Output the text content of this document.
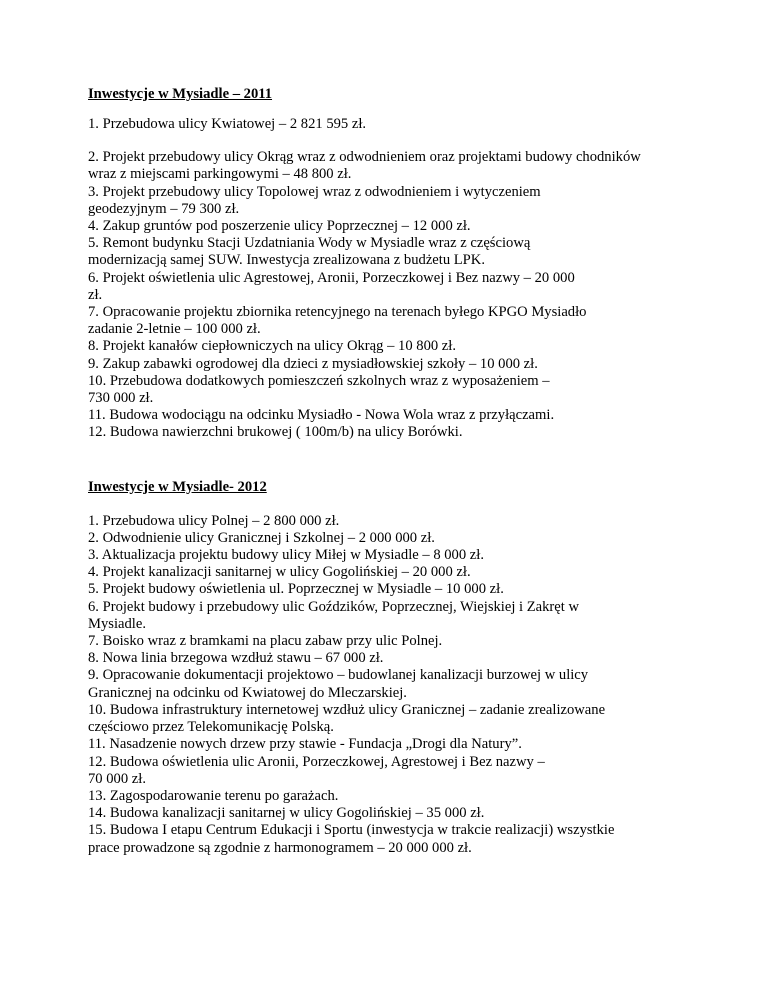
Inwestycje w Mysiadle – 2011

1. Przebudowa ulicy Kwiatowej – 2 821 595 zł.

2. Projekt przebudowy ulicy Okrąg wraz z odwodnieniem oraz projektami budowy chodników
wraz z miejscami parkingowymi – 48 800 zł.

3. Projekt przebudowy ulicy Topolowej wraz z odwodnieniem i wytyczeniem
geodezyjnym – 79 300 zł.

4. Zakup gruntów pod poszerzenie ulicy Poprzecznej – 12 000 zł.

5. Remont budynku Stacji Uzdatniania Wody w Mysiadle wraz z częściową
modernizacją samej SUW. Inwestycja zrealizowana z budżetu LPK.

6. Projekt oświetlenia ulic Agrestowej, Aronii, Porzeczkowej i Bez nazwy – 20 000
zł.

7. Opracowanie projektu zbiornika retencyjnego na terenach byłego KPGO Mysiadło
zadanie 2-letnie – 100 000 zł.

8. Projekt kanałów ciepłowniczych na ulicy Okrąg – 10 800 zł.

9. Zakup zabawki ogrodowej dla dzieci z mysiadłowskiej szkoły – 10 000 zł.

10. Przebudowa dodatkowych pomieszczeń szkolnych wraz z wyposażeniem –
730 000 zł.

11. Budowa wodociągu na odcinku Mysiadło - Nowa Wola wraz z przyłączami.

12. Budowa nawierzchni brukowej ( 100m/b) na ulicy Borówki.

Inwestycje w Mysiadle- 2012

1. Przebudowa ulicy Polnej – 2 800 000 zł.

2. Odwodnienie ulicy Granicznej i Szkolnej – 2 000 000 zł.

3. Aktualizacja projektu budowy ulicy Miłej w Mysiadle – 8 000 zł.

4. Projekt kanalizacji sanitarnej w ulicy Gogolińskiej – 20 000 zł.

5. Projekt budowy oświetlenia ul. Poprzecznej w Mysiadle – 10 000 zł.

6. Projekt budowy i przebudowy ulic Goździków, Poprzecznej, Wiejskiej i Zakręt w
Mysiadle.

7. Boisko wraz z bramkami na placu zabaw przy ulic Polnej.

8. Nowa linia brzegowa wzdłuż stawu – 67 000 zł.

9. Opracowanie dokumentacji projektowo – budowlanej kanalizacji burzowej w ulicy
Granicznej na odcinku od Kwiatowej do Mleczarskiej.

10. Budowa infrastruktury internetowej wzdłuż ulicy Granicznej – zadanie zrealizowane
częściowo przez Telekomunikację Polską.

11. Nasadzenie nowych drzew przy stawie - Fundacja „Drogi dla Natury”.

12. Budowa oświetlenia ulic Aronii, Porzeczkowej, Agrestowej i Bez nazwy –
70 000 zł.

13. Zagospodarowanie terenu po garażach.

14. Budowa kanalizacji sanitarnej w ulicy Gogolińskiej – 35 000 zł.

15. Budowa I etapu Centrum Edukacji i Sportu (inwestycja w trakcie realizacji) wszystkie
prace prowadzone są zgodnie z harmonogramem – 20 000 000 zł.
